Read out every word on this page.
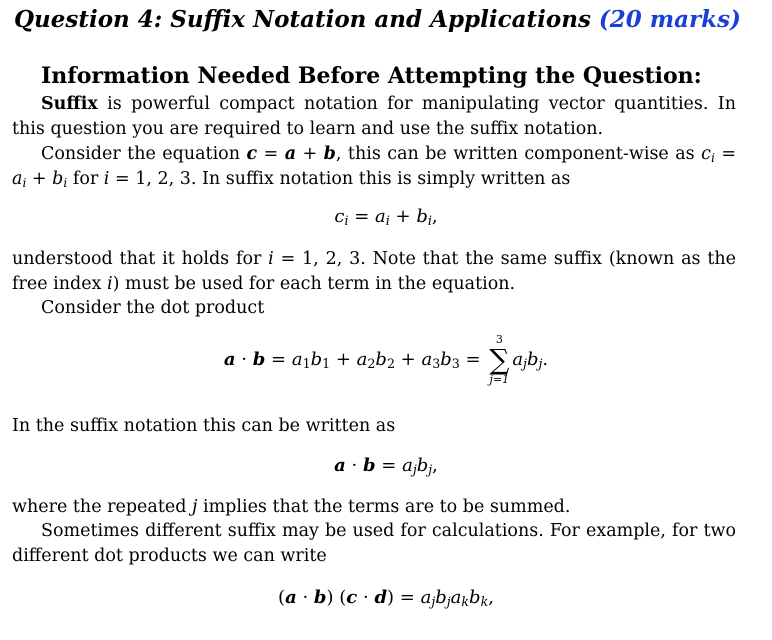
Question 4: Suffix Notation and Applications (20 marks)
Information Needed Before Attempting the Question:
Suffix is powerful compact notation for manipulating vector quantities. In this question you are required to learn and use the suffix notation.
Consider the equation c = a + b, this can be written component-wise as $c_i = a_i + b_i$ for i = 1, 2, 3. In suffix notation this is simply written as
$c_i = a_i + b_i$,
understood that it holds for i = 1, 2, 3. Note that the same suffix (known as the free index i) must be used for each term in the equation.
Consider the dot product
$a \cdot b = a_1b_1 + a_2b_2 + a_3b_3$ =
3
∑
j=1
$a_jb_j$.
In the suffix notation this can be written as
$a \cdot b = a_jb_j$,
where the repeated j implies that the terms are to be summed.
Sometimes different suffix may be used for calculations. For example, for two different dot products we can write
(a · b) $(c \cdot d) = a_jb_ja_kb_k$,
